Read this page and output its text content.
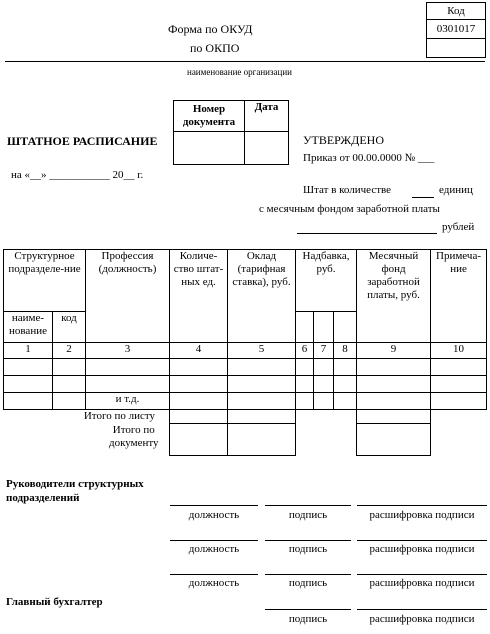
Форма по ОКУД
по ОКПО
Код
0301017

наименование организации
Номер документа	Дата

ШТАТНОЕ РАСПИСАНИЕ
на «__» ___________ 20__ г.
УТВЕРЖДЕНО
Приказ от 00.00.0000 № ___
Штат в количестве	единиц
с месячным фондом заработной платы
рублей
Структурное подразделе-ние		Профессия (должность)	Количе-ство штат-ных ед.	Оклад (тарифная ставка), руб.	Надбавка, руб.			Месячный фонд заработной платы, руб.	Примеча-ние
наиме-нование	код								
1	2	3	4	5	6	7	8	9	10

		и т.д.							
Итого по листу									
Итого по документу									
Руководители структурных подразделений
должность	подпись	расшифровка подписи
должность	подпись	расшифровка подписи
должность	подпись	расшифровка подписи
Главный бухгалтер
подпись	расшифровка подписи
